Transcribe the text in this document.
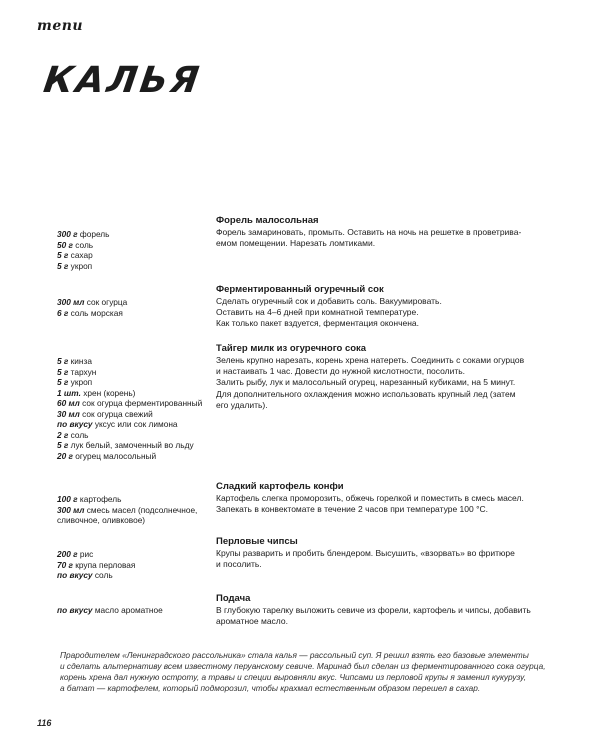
тепи
КАЛЬЯ
300 г форель
50 г соль
5 г сахар
5 г укроп
Форель малосольная
Форель замариновать, промыть. Оставить на ночь на решетке в проветрива-
емом помещении. Нарезать ломтиками.
300 мл сок огурца
6 г соль морская
Ферментированный огуречный сок
Сделать огуречный сок и добавить соль. Вакуумировать.
Оставить на 4–6 дней при комнатной температуре.
Как только пакет вздуется, ферментация окончена.
5 г кинза
5 г тархун
5 г укроп
1 шт. хрен (корень)
60 мл сок огурца ферментированный
30 мл сок огурца свежий
по вкусу уксус или сок лимона
2 г соль
5 г лук белый, замоченный во льду
20 г огурец малосольный
Тайгер милк из огуречного сока
Зелень крупно нарезать, корень хрена натереть. Соединить с соками огурцов
и настаивать 1 час. Довести до нужной кислотности, посолить.
Залить рыбу, лук и малосольный огурец, нарезанный кубиками, на 5 минут.
Для дополнительного охлаждения можно использовать крупный лед (затем
его удалить).
100 г картофель
300 мл смесь масел (подсолнечное,
сливочное, оливковое)
Сладкий картофель конфи
Картофель слегка проморозить, обжечь горелкой и поместить в смесь масел.
Запекать в конвектомате в течение 2 часов при температуре 100 °С.
200 г рис
70 г крупа перловая
по вкусу соль
Перловые чипсы
Крупы разварить и пробить блендером. Высушить, «взорвать» во фритюре
и посолить.
по вкусу масло ароматное
Подача
В глубокую тарелку выложить севиче из форели, картофель и чипсы, добавить
ароматное масло.
Прародителем «Ленинградского рассольника» стала калья — рассольный суп. Я решил взять его базовые элементы
и сделать альтернативу всем известному перуанскому севиче. Маринад был сделан из ферментированного сока огурца,
корень хрена дал нужную остроту, а травы и специи выровняли вкус. Чипсами из перловой крупы я заменил кукурузу,
а батат — картофелем, который подморозил, чтобы крахмал естественным образом перешел в сахар.
116
